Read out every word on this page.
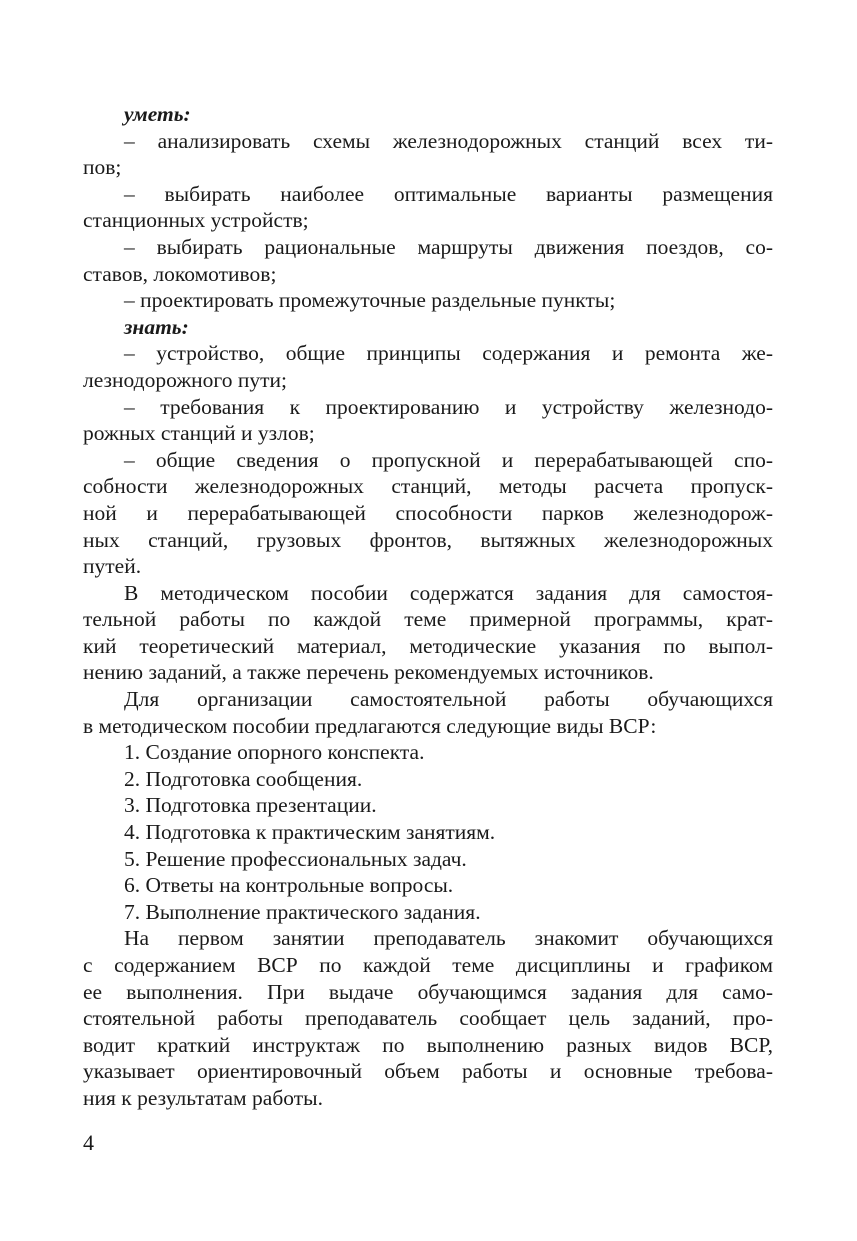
уметь:
– анализировать схемы железнодорожных станций всех ти-
пов;
– выбирать наиболее оптимальные варианты размещения
станционных устройств;
– выбирать рациональные маршруты движения поездов, со-
ставов, локомотивов;
– проектировать промежуточные раздельные пункты;
знать:
– устройство, общие принципы содержания и ремонта же-
лезнодорожного пути;
– требования к проектированию и устройству железнодо-
рожных станций и узлов;
– общие сведения о пропускной и перерабатывающей спо-
собности железнодорожных станций, методы расчета пропуск-
ной и перерабатывающей способности парков железнодорож-
ных станций, грузовых фронтов, вытяжных железнодорожных
путей.
В методическом пособии содержатся задания для самостоя-
тельной работы по каждой теме примерной программы, крат-
кий теоретический материал, методические указания по выпол-
нению заданий, а также перечень рекомендуемых источников.
Для организации самостоятельной работы обучающихся
в методическом пособии предлагаются следующие виды ВСР:
1. Создание опорного конспекта.
2. Подготовка сообщения.
3. Подготовка презентации.
4. Подготовка к практическим занятиям.
5. Решение профессиональных задач.
6. Ответы на контрольные вопросы.
7. Выполнение практического задания.
На первом занятии преподаватель знакомит обучающихся
с содержанием ВСР по каждой теме дисциплины и графиком
ее выполнения. При выдаче обучающимся задания для само-
стоятельной работы преподаватель сообщает цель заданий, про-
водит краткий инструктаж по выполнению разных видов ВСР,
указывает ориентировочный объем работы и основные требова-
ния к результатам работы.
4
